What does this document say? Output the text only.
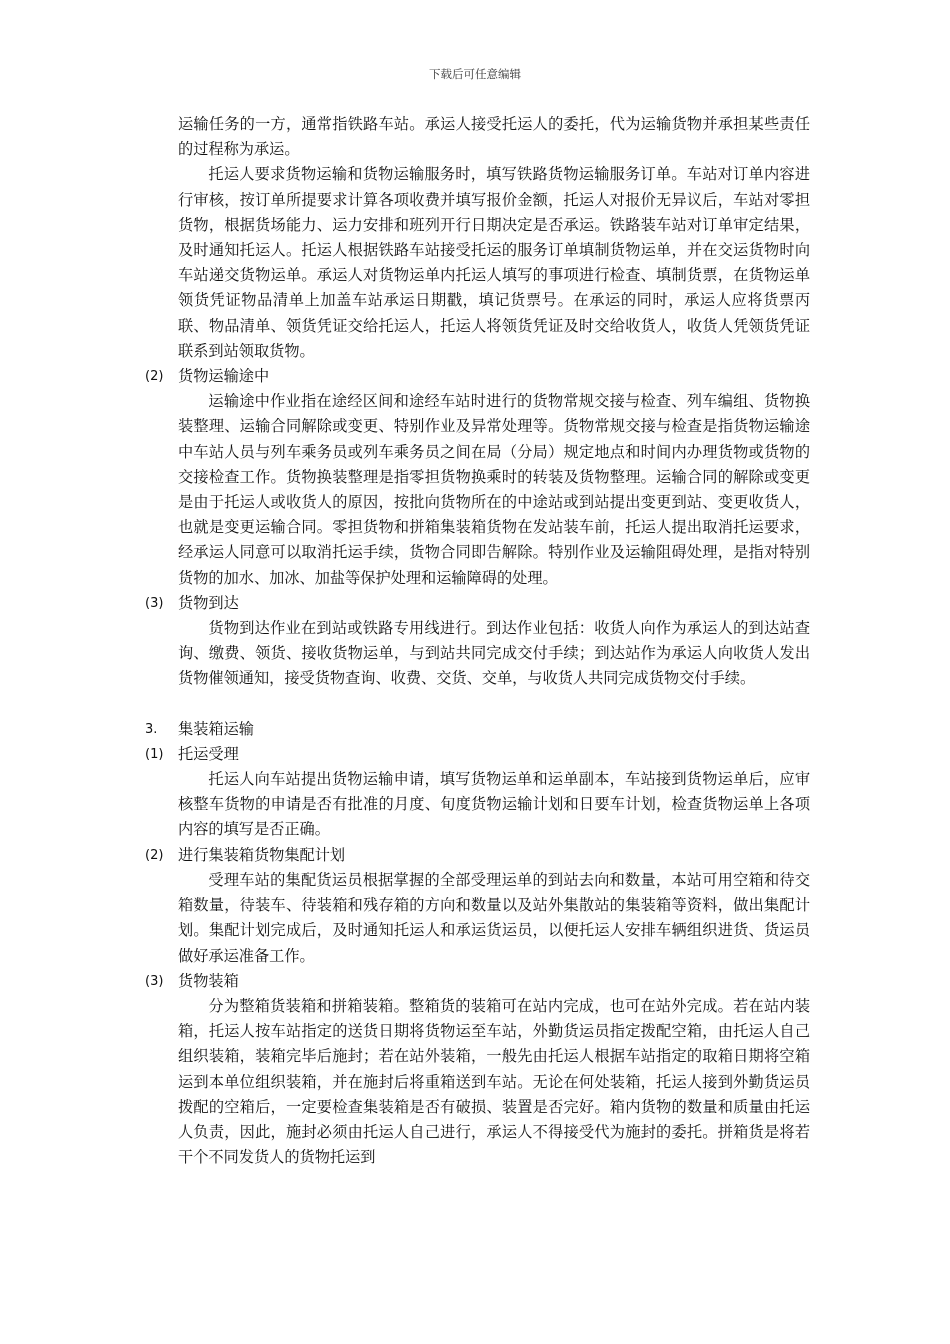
下载后可任意编辑

运输任务的一方，通常指铁路车站。承运人接受托运人的委托，代为运输货物并承担某些责任的过程称为承运。

托运人要求货物运输和货物运输服务时，填写铁路货物运输服务订单。车站对订单内容进行审核，按订单所提要求计算各项收费并填写报价金额，托运人对报价无异议后，车站对零担货物，根据货场能力、运力安排和班列开行日期决定是否承运。铁路装车站对订单审定结果，及时通知托运人。托运人根据铁路车站接受托运的服务订单填制货物运单，并在交运货物时向车站递交货物运单。承运人对货物运单内托运人填写的事项进行检查、填制货票，在货物运单领货凭证物品清单上加盖车站承运日期戳，填记货票号。在承运的同时，承运人应将货票丙联、物品清单、领货凭证交给托运人，托运人将领货凭证及时交给收货人，收货人凭领货凭证联系到站领取货物。

(2) 货物运输途中

运输途中作业指在途经区间和途经车站时进行的货物常规交接与检查、列车编组、货物换装整理、运输合同解除或变更、特别作业及异常处理等。货物常规交接与检查是指货物运输途中车站人员与列车乘务员或列车乘务员之间在局（分局）规定地点和时间内办理货物或货物的交接检查工作。货物换装整理是指零担货物换乘时的转装及货物整理。运输合同的解除或变更是由于托运人或收货人的原因，按批向货物所在的中途站或到站提出变更到站、变更收货人，也就是变更运输合同。零担货物和拼箱集装箱货物在发站装车前，托运人提出取消托运要求，经承运人同意可以取消托运手续，货物合同即告解除。特别作业及运输阻碍处理，是指对特别货物的加水、加冰、加盐等保护处理和运输障碍的处理。

(3) 货物到达

货物到达作业在到站或铁路专用线进行。到达作业包括：收货人向作为承运人的到达站查询、缴费、领货、接收货物运单，与到站共同完成交付手续；到达站作为承运人向收货人发出货物催领通知，接受货物查询、收费、交货、交单，与收货人共同完成货物交付手续。

3. 集装箱运输
(1) 托运受理

托运人向车站提出货物运输申请，填写货物运单和运单副本，车站接到货物运单后，应审核整车货物的申请是否有批准的月度、旬度货物运输计划和日要车计划，检查货物运单上各项内容的填写是否正确。

(2) 进行集装箱货物集配计划

受理车站的集配货运员根据掌握的全部受理运单的到站去向和数量，本站可用空箱和待交箱数量，待装车、待装箱和残存箱的方向和数量以及站外集散站的集装箱等资料，做出集配计划。集配计划完成后，及时通知托运人和承运货运员，以便托运人安排车辆组织进货、货运员做好承运准备工作。

(3) 货物装箱

分为整箱货装箱和拼箱装箱。整箱货的装箱可在站内完成，也可在站外完成。若在站内装箱，托运人按车站指定的送货日期将货物运至车站，外勤货运员指定拨配空箱，由托运人自己组织装箱，装箱完毕后施封；若在站外装箱，一般先由托运人根据车站指定的取箱日期将空箱运到本单位组织装箱，并在施封后将重箱送到车站。无论在何处装箱，托运人接到外勤货运员拨配的空箱后，一定要检查集装箱是否有破损、装置是否完好。箱内货物的数量和质量由托运人负责，因此，施封必须由托运人自己进行，承运人不得接受代为施封的委托。拼箱货是将若干个不同发货人的货物托运到
